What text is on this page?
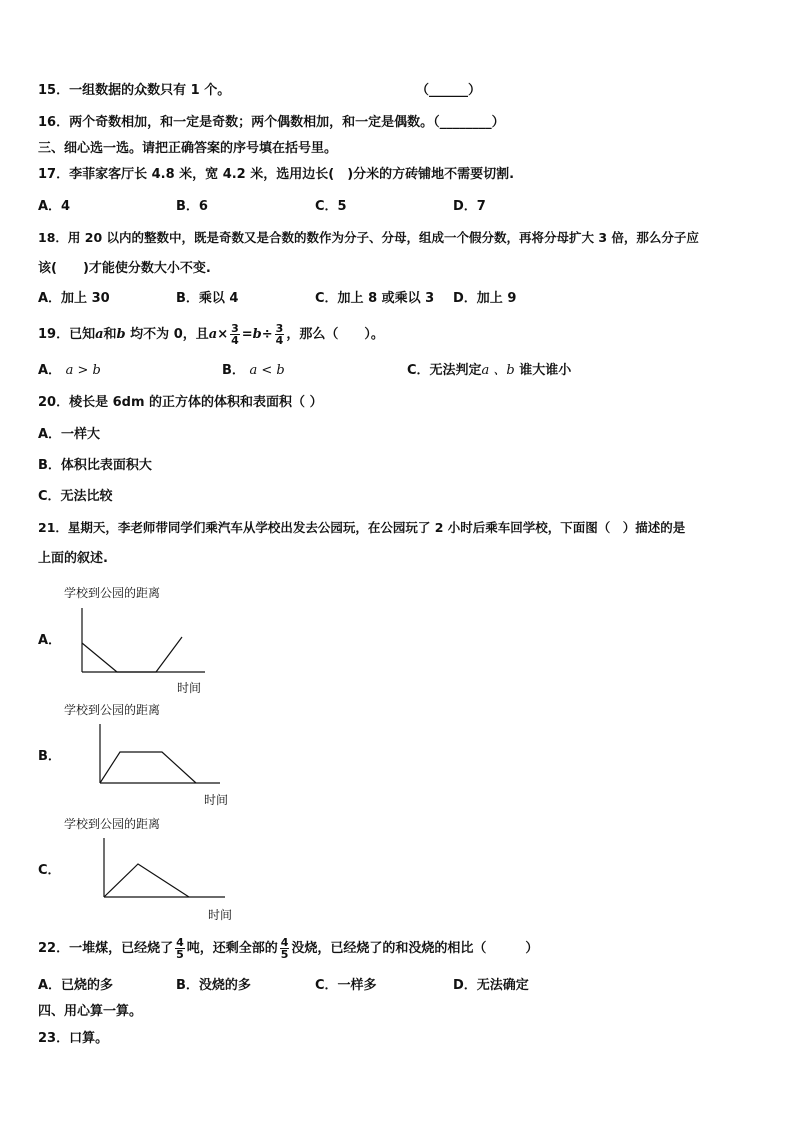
15．一组数据的众数只有 1 个。	（______）
16．两个奇数相加，和一定是奇数；两个偶数相加，和一定是偶数。（________）
三、细心选一选。请把正确答案的序号填在括号里。
17．李菲家客厅长 4.8 米，宽 4.2 米，选用边长(　)分米的方砖铺地不需要切割.
A．4	B．6	C．5	D．7
18．用 20 以内的整数中，既是奇数又是合数的数作为分子、分母，组成一个假分数，再将分母扩大 3 倍，那么分子应
该(　　)才能使分数大小不变.
A．加上 30	B．乘以 4	C．加上 8 或乘以 3 D．加上 9
19．已知a和b 均不为 0，且$a\times \frac{3}{4} =b\div \frac{3}{4}$ ，那么（　　）。
A． a > b	B． a < b	C．无法判定a 、b 谁大谁小
20．棱长是 6dm 的正方体的体积和表面积（ ）
A．一样大
B．体积比表面积大
C．无法比较
21．星期天，李老师带同学们乘汽车从学校出发去公园玩，在公园玩了 2 小时后乘车回学校，下面图（　）描述的是
上面的叙述.
学校到公园的距离
A．
时间
学校到公园的距离
B．
时间
学校到公园的距离
C．
时间
22．一堆煤，已经烧了 $\frac{4}{5}$ 吨，还剩全部的 $\frac{4}{5}$ 没烧，已经烧了的和没烧的相比（　　　）
A．已烧的多	B．没烧的多	C．一样多	D．无法确定
四、用心算一算。
23．口算。
